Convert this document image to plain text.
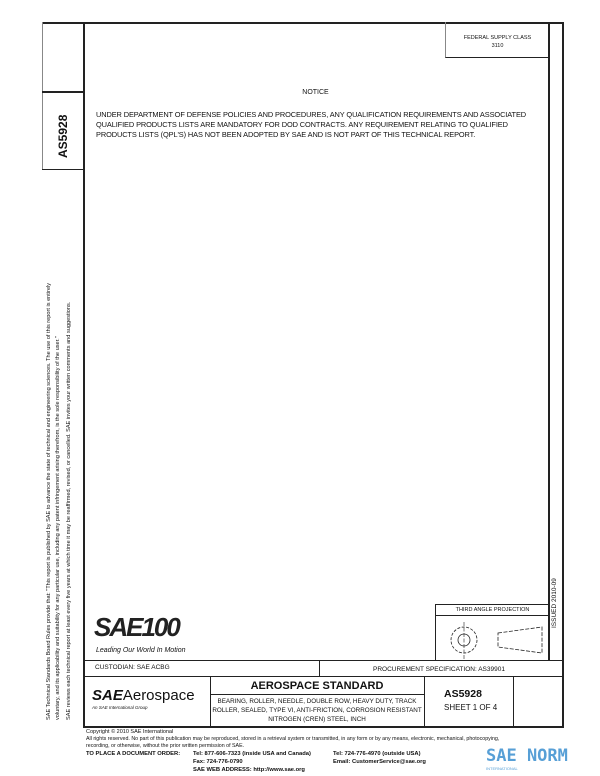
FEDERAL SUPPLY CLASS
3110
AS5928
SAE Technical Standards Board Rules provide that: "This report is published by SAE to advance the state of technical and engineering sciences. The use of this report is entirely voluntary, and its applicability and suitability for any particular use, including any patent infringement arising therefrom, is the sole responsibility of the user." SAE reviews each technical report at least every five years at which time it may be reaffirmed, revised, or cancelled. SAE invites your written comments and suggestions.
NOTICE
UNDER DEPARTMENT OF DEFENSE POLICIES AND PROCEDURES, ANY QUALIFICATION REQUIREMENTS AND ASSOCIATED QUALIFIED PRODUCTS LISTS ARE MANDATORY FOR DOD CONTRACTS. ANY REQUIREMENT RELATING TO QUALIFIED PRODUCTS LISTS (QPL'S) HAS NOT BEEN ADOPTED BY SAE AND IS NOT PART OF THIS TECHNICAL REPORT.
ISSUED 2010-09
THIRD ANGLE PROJECTION
SAE100
Leading Our World In Motion
CUSTODIAN: SAE ACBG	PROCUREMENT SPECIFICATION: AS39901
SAEAerospace
An SAE International Group
AEROSPACE STANDARD
BEARING, ROLLER, NEEDLE, DOUBLE ROW, HEAVY DUTY, TRACK ROLLER, SEALED, TYPE VI, ANTI-FRICTION, CORROSION RESISTANT NITROGEN (CREN) STEEL, INCH
AS5928
SHEET 1 OF 4
Copyright © 2010 SAE International
All rights reserved. No part of this publication may be reproduced, stored in a retrieval system or transmitted, in any form or by any means, electronic, mechanical, photocopying,
recording, or otherwise, without the prior written permission of SAE.
TO PLACE A DOCUMENT ORDER: Tel: 877-606-7323 (inside USA and Canada)	Tel: 724-776-4970 (outside USA)
Fax: 724-776-0790	Email: CustomerService@sae.org
SAE WEB ADDRESS: http://www.sae.org
SAE NORM
INTERNATIONAL
